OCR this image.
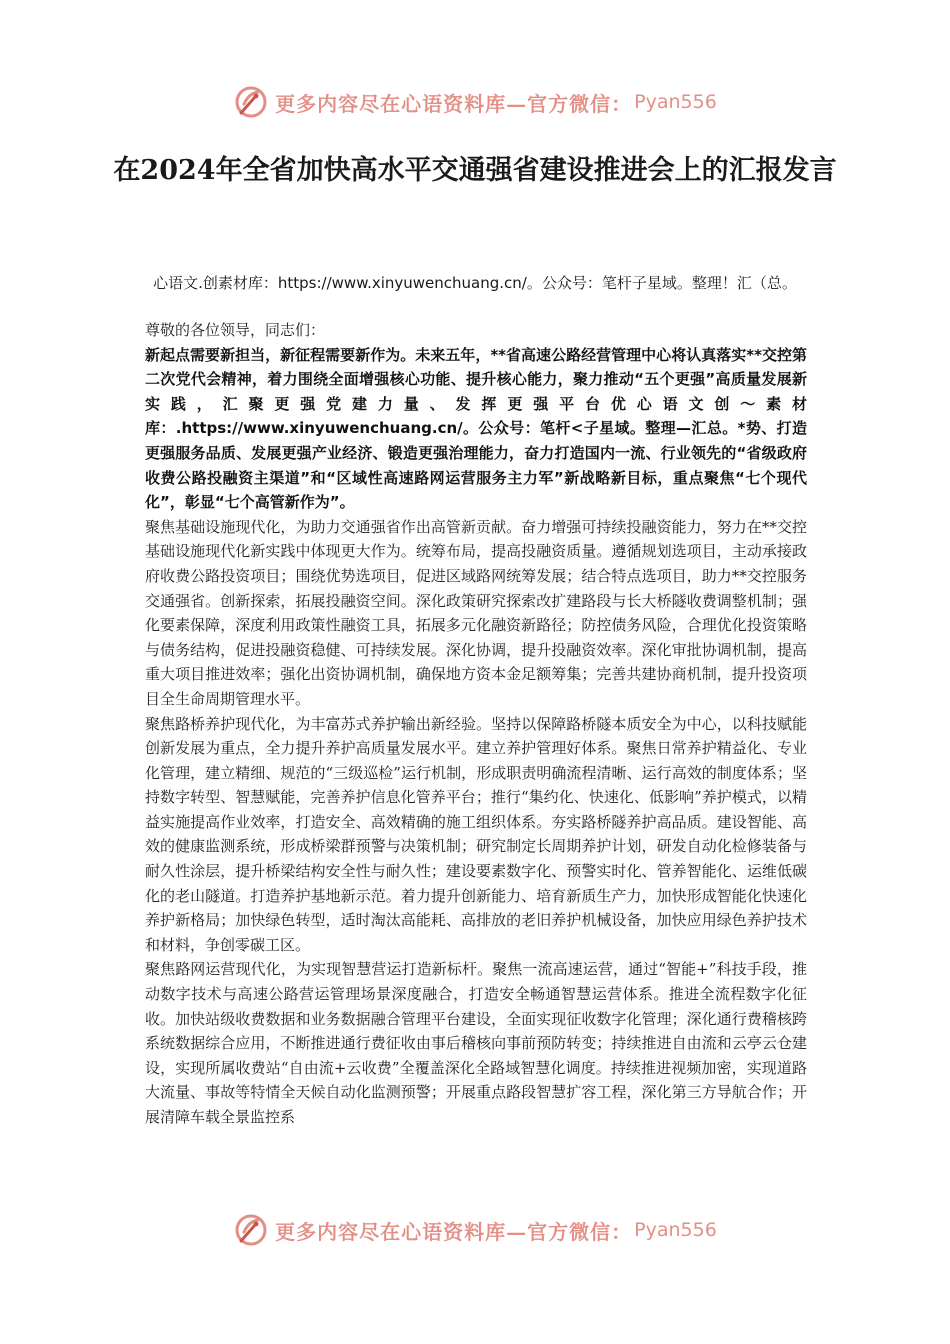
更多内容尽在心语资料库—官方微信： Pyan556
在2024年全省加快高水平交通强省建设推进会上的汇报发言
心语文.创素材库：https://www.xinyuwenchuang.cn/。公众号：笔杆子星域。整理！汇（总。

尊敬的各位领导，同志们：

新起点需要新担当，新征程需要新作为。未来五年，**省高速公路经营管理中心将认真落实**交控第二次党代会精神，着力围绕全面增强核心功能、提升核心能力，聚力推动“五个更强”高质量发展新实践，汇聚更强党建力量、发挥更强平台优心语文创～素材库：.https://www.xinyuwenchuang.cn/。公众号：笔杆<子星域。整理—汇总。*势、打造更强服务品质、发展更强产业经济、锻造更强治理能力，奋力打造国内一流、行业领先的“省级政府收费公路投融资主渠道”和“区域性高速路网运营服务主力军”新战略新目标，重点聚焦“七个现代化”，彰显“七个高管新作为”。

聚焦基础设施现代化，为助力交通强省作出高管新贡献。奋力增强可持续投融资能力，努力在**交控基础设施现代化新实践中体现更大作为。统筹布局，提高投融资质量。遵循规划选项目，主动承接政府收费公路投资项目；围绕优势选项目，促进区域路网统筹发展；结合特点选项目，助力**交控服务交通强省。创新探索，拓展投融资空间。深化政策研究探索改扩建路段与长大桥隧收费调整机制；强化要素保障，深度利用政策性融资工具，拓展多元化融资新路径；防控债务风险，合理优化投资策略与债务结构，促进投融资稳健、可持续发展。深化协调，提升投融资效率。深化审批协调机制，提高重大项目推进效率；强化出资协调机制，确保地方资本金足额筹集；完善共建协商机制，提升投资项目全生命周期管理水平。

聚焦路桥养护现代化，为丰富苏式养护输出新经验。坚持以保障路桥隧本质安全为中心，以科技赋能创新发展为重点，全力提升养护高质量发展水平。建立养护管理好体系。聚焦日常养护精益化、专业化管理，建立精细、规范的“三级巡检”运行机制，形成职责明确流程清晰、运行高效的制度体系；坚持数字转型、智慧赋能，完善养护信息化管养平台；推行“集约化、快速化、低影响”养护模式，以精益实施提高作业效率，打造安全、高效精确的施工组织体系。夯实路桥隧养护高品质。建设智能、高效的健康监测系统，形成桥梁群预警与决策机制；研究制定长周期养护计划，研发自动化检修装备与耐久性涂层，提升桥梁结构安全性与耐久性；建设要素数字化、预警实时化、管养智能化、运维低碳化的老山隧道。打造养护基地新示范。着力提升创新能力、培育新质生产力，加快形成智能化快速化养护新格局；加快绿色转型，适时淘汰高能耗、高排放的老旧养护机械设备，加快应用绿色养护技术和材料，争创零碳工区。

聚焦路网运营现代化，为实现智慧营运打造新标杆。聚焦一流高速运营，通过“智能+”科技手段，推动数字技术与高速公路营运管理场景深度融合，打造安全畅通智慧运营体系。推进全流程数字化征收。加快站级收费数据和业务数据融合管理平台建设，全面实现征收数字化管理；深化通行费稽核跨系统数据综合应用，不断推进通行费征收由事后稽核向事前预防转变；持续推进自由流和云亭云仓建设，实现所属收费站“自由流+云收费”全覆盖深化全路域智慧化调度。持续推进视频加密，实现道路大流量、事故等特情全天候自动化监测预警；开展重点路段智慧扩容工程，深化第三方导航合作；开展清障车载全景监控系

更多内容尽在心语资料库—官方微信： Pyan556
